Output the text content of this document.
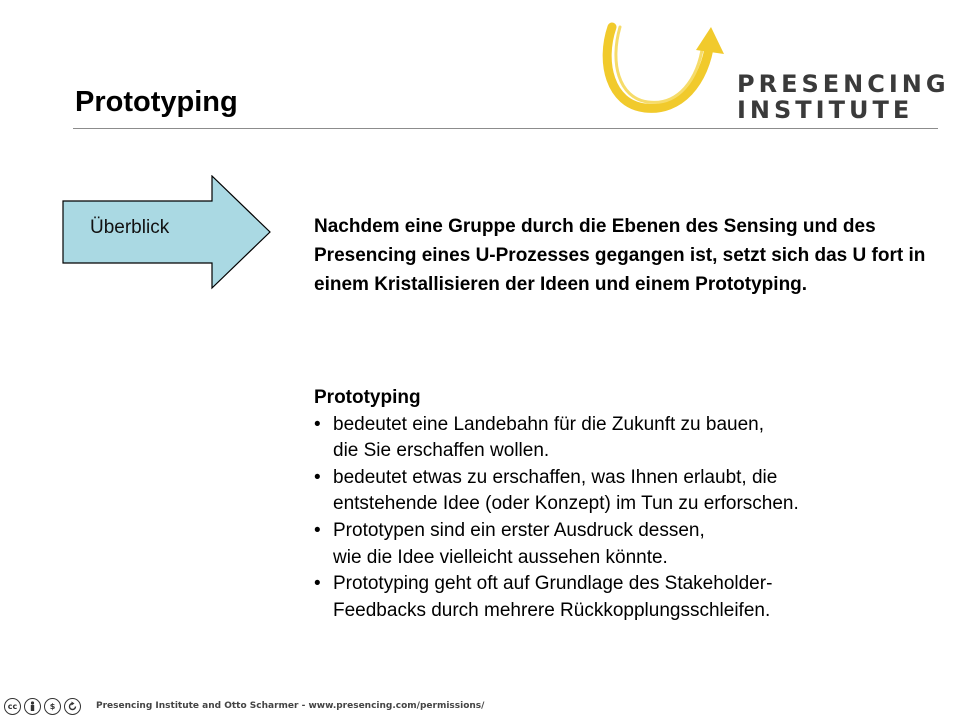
Prototyping
PRESENCING
INSTITUTE
Überblick	Nachdem eine Gruppe durch die Ebenen des Sensing und des Presencing eines U-Prozesses gegangen ist, setzt sich das U fort in einem Kristallisieren der Ideen und einem Prototyping.

Prototyping

• bedeutet eine Landebahn für die Zukunft zu bauen,
die Sie erschaffen wollen.
• bedeutet etwas zu erschaffen, was Ihnen erlaubt, die
entstehende Idee (oder Konzept) im Tun zu erforschen.
• Prototypen sind ein erster Ausdruck dessen,
wie die Idee vielleicht aussehen könnte.
• Prototyping geht oft auf Grundlage des Stakeholder-
Feedbacks durch mehrere Rückkopplungsschleifen.
cc	$	Presencing Institute and Otto Scharmer - www.presencing.com/permissions/
